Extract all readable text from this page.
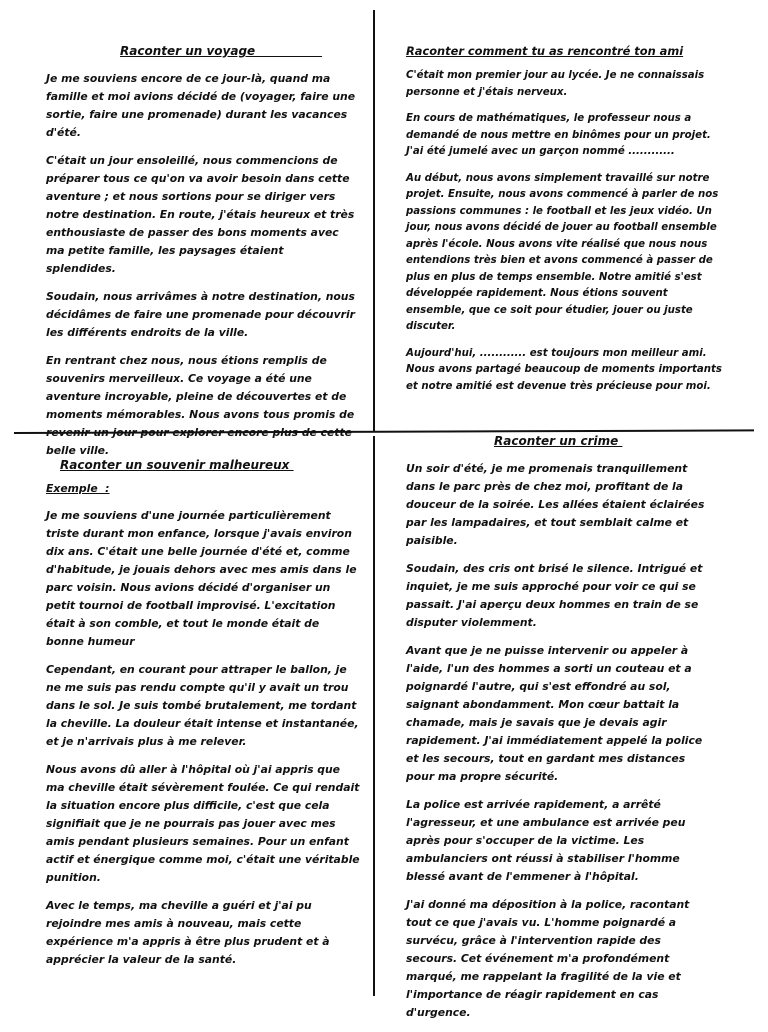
Raconter un voyage

Je me souviens encore de ce jour-là, quand ma famille et moi avions décidé de (voyager, faire une sortie, faire une promenade) durant les vacances d'été.

C'était un jour ensoleillé, nous commencions de préparer tous ce qu'on va avoir besoin dans cette aventure ; et nous sortions pour se diriger vers notre destination. En route, j'étais heureux et très enthousiaste de passer des bons moments avec ma petite famille, les paysages étaient splendides.

Soudain, nous arrivâmes à notre destination, nous décidâmes de faire une promenade pour découvrir les différents endroits de la ville.

En rentrant chez nous, nous étions remplis de souvenirs merveilleux. Ce voyage a été une aventure incroyable, pleine de découvertes et de moments mémorables. Nous avons tous promis de revenir un jour pour explorer encore plus de cette belle ville.

Raconter comment tu as rencontré ton ami

C'était mon premier jour au lycée. Je ne connaissais personne et j'étais nerveux.

En cours de mathématiques, le professeur nous a demandé de nous mettre en binômes pour un projet. J'ai été jumelé avec un garçon nommé ............

Au début, nous avons simplement travaillé sur notre projet. Ensuite, nous avons commencé à parler de nos passions communes : le football et les jeux vidéo. Un jour, nous avons décidé de jouer au football ensemble après l'école. Nous avons vite réalisé que nous nous entendions très bien et avons commencé à passer de plus en plus de temps ensemble. Notre amitié s'est développée rapidement. Nous étions souvent ensemble, que ce soit pour étudier, jouer ou juste discuter.

Aujourd'hui, ............ est toujours mon meilleur ami. Nous avons partagé beaucoup de moments importants et notre amitié est devenue très précieuse pour moi.

Raconter un souvenir malheureux

Exemple  :

Je me souviens d'une journée particulièrement triste durant mon enfance, lorsque j'avais environ dix ans. C'était une belle journée d'été et, comme d'habitude, je jouais dehors avec mes amis dans le parc voisin. Nous avions décidé d'organiser un petit tournoi de football improvisé. L'excitation était à son comble, et tout le monde était de bonne humeur

Cependant, en courant pour attraper le ballon, je ne me suis pas rendu compte qu'il y avait un trou dans le sol. Je suis tombé brutalement, me tordant la cheville. La douleur était intense et instantanée, et je n'arrivais plus à me relever.

Nous avons dû aller à l'hôpital où j'ai appris que ma cheville était sévèrement foulée. Ce qui rendait la situation encore plus difficile, c'est que cela signifiait que je ne pourrais pas jouer avec mes amis pendant plusieurs semaines. Pour un enfant actif et énergique comme moi, c'était une véritable punition.

Avec le temps, ma cheville a guéri et j'ai pu rejoindre mes amis à nouveau, mais cette expérience m'a appris à être plus prudent et à apprécier la valeur de la santé.

Raconter un crime

Un soir d'été, je me promenais tranquillement dans le parc près de chez moi, profitant de la douceur de la soirée. Les allées étaient éclairées par les lampadaires, et tout semblait calme et paisible.

Soudain, des cris ont brisé le silence. Intrigué et inquiet, je me suis approché pour voir ce qui se passait. J'ai aperçu deux hommes en train de se disputer violemment.

Avant que je ne puisse intervenir ou appeler à l'aide, l'un des hommes a sorti un couteau et a poignardé l'autre, qui s'est effondré au sol, saignant abondamment. Mon cœur battait la chamade, mais je savais que je devais agir rapidement. J'ai immédiatement appelé la police et les secours, tout en gardant mes distances pour ma propre sécurité.

La police est arrivée rapidement, a arrêté l'agresseur, et une ambulance est arrivée peu après pour s'occuper de la victime. Les ambulanciers ont réussi à stabiliser l'homme blessé avant de l'emmener à l'hôpital.

J'ai donné ma déposition à la police, racontant tout ce que j'avais vu. L'homme poignardé a survécu, grâce à l'intervention rapide des secours. Cet événement m'a profondément marqué, me rappelant la fragilité de la vie et l'importance de réagir rapidement en cas d'urgence.
